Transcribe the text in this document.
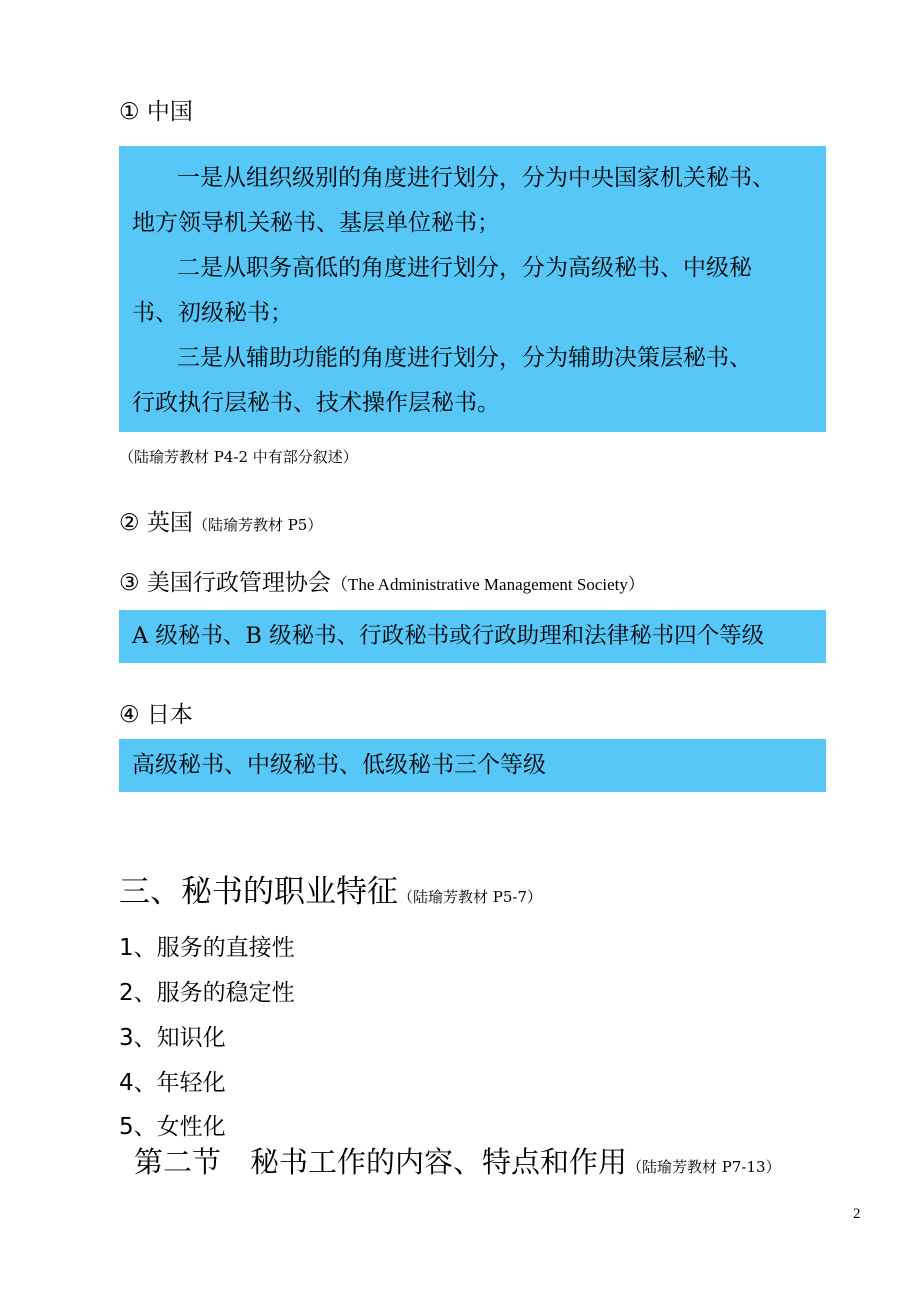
① 中国
一是从组织级别的角度进行划分，分为中央国家机关秘书、
地方领导机关秘书、基层单位秘书；
二是从职务高低的角度进行划分，分为高级秘书、中级秘
书、初级秘书；
三是从辅助功能的角度进行划分，分为辅助决策层秘书、
行政执行层秘书、技术操作层秘书。
（陆瑜芳教材 P4-2 中有部分叙述）
② 英国（陆瑜芳教材 P5）
③ 美国行政管理协会（The Administrative Management Society）
A 级秘书、B 级秘书、行政秘书或行政助理和法律秘书四个等级
④ 日本
高级秘书、中级秘书、低级秘书三个等级
三、秘书的职业特征（陆瑜芳教材 P5-7）
1、服务的直接性
2、服务的稳定性
3、知识化
4、年轻化
5、女性化
第二节　秘书工作的内容、特点和作用（陆瑜芳教材 P7-13）
2
